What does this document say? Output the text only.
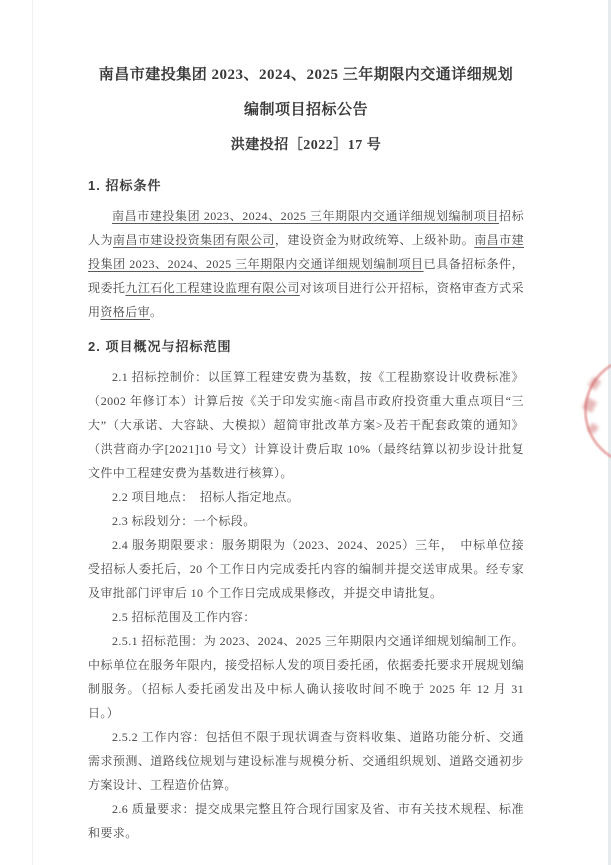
南昌市建投集团 2023、2024、2025 三年期限内交通详细规划
编制项目招标公告
洪建投招［2022］17 号
1. 招标条件

南昌市建投集团 2023、2024、2025 三年期限内交通详细规划编制项目招标人为南昌市建设投资集团有限公司，建设资金为财政统筹、上级补助。南昌市建投集团 2023、2024、2025 三年期限内交通详细规划编制项目已具备招标条件，现委托九江石化工程建设监理有限公司对该项目进行公开招标，资格审查方式采用资格后审。

2. 项目概况与招标范围

2.1 招标控制价：以匡算工程建安费为基数，按《工程勘察设计收费标准》（2002 年修订本）计算后按《关于印发实施<南昌市政府投资重大重点项目“三大”（大承诺、大容缺、大模拟）超简审批改革方案>及若干配套政策的通知》（洪营商办字[2021]10 号文）计算设计费后取 10%（最终结算以初步设计批复文件中工程建安费为基数进行核算）。

2.2 项目地点：　招标人指定地点。

2.3 标段划分：一个标段。

2.4 服务期限要求：服务期限为（2023、2024、2025）三年，　中标单位接受招标人委托后，20 个工作日内完成委托内容的编制并提交送审成果。经专家及审批部门评审后 10 个工作日完成成果修改，并提交申请批复。

2.5 招标范围及工作内容：

2.5.1 招标范围：为 2023、2024、2025 三年期限内交通详细规划编制工作。中标单位在服务年限内，接受招标人发的项目委托函，依据委托要求开展规划编制服务。（招标人委托函发出及中标人确认接收时间不晚于 2025 年 12 月 31 日。）

2.5.2 工作内容：包括但不限于现状调查与资料收集、道路功能分析、交通需求预测、道路线位规划与建设标准与规模分析、交通组织规划、道路交通初步方案设计、工程造价估算。

2.6 质量要求：提交成果完整且符合现行国家及省、市有关技术规程、标准和要求。
